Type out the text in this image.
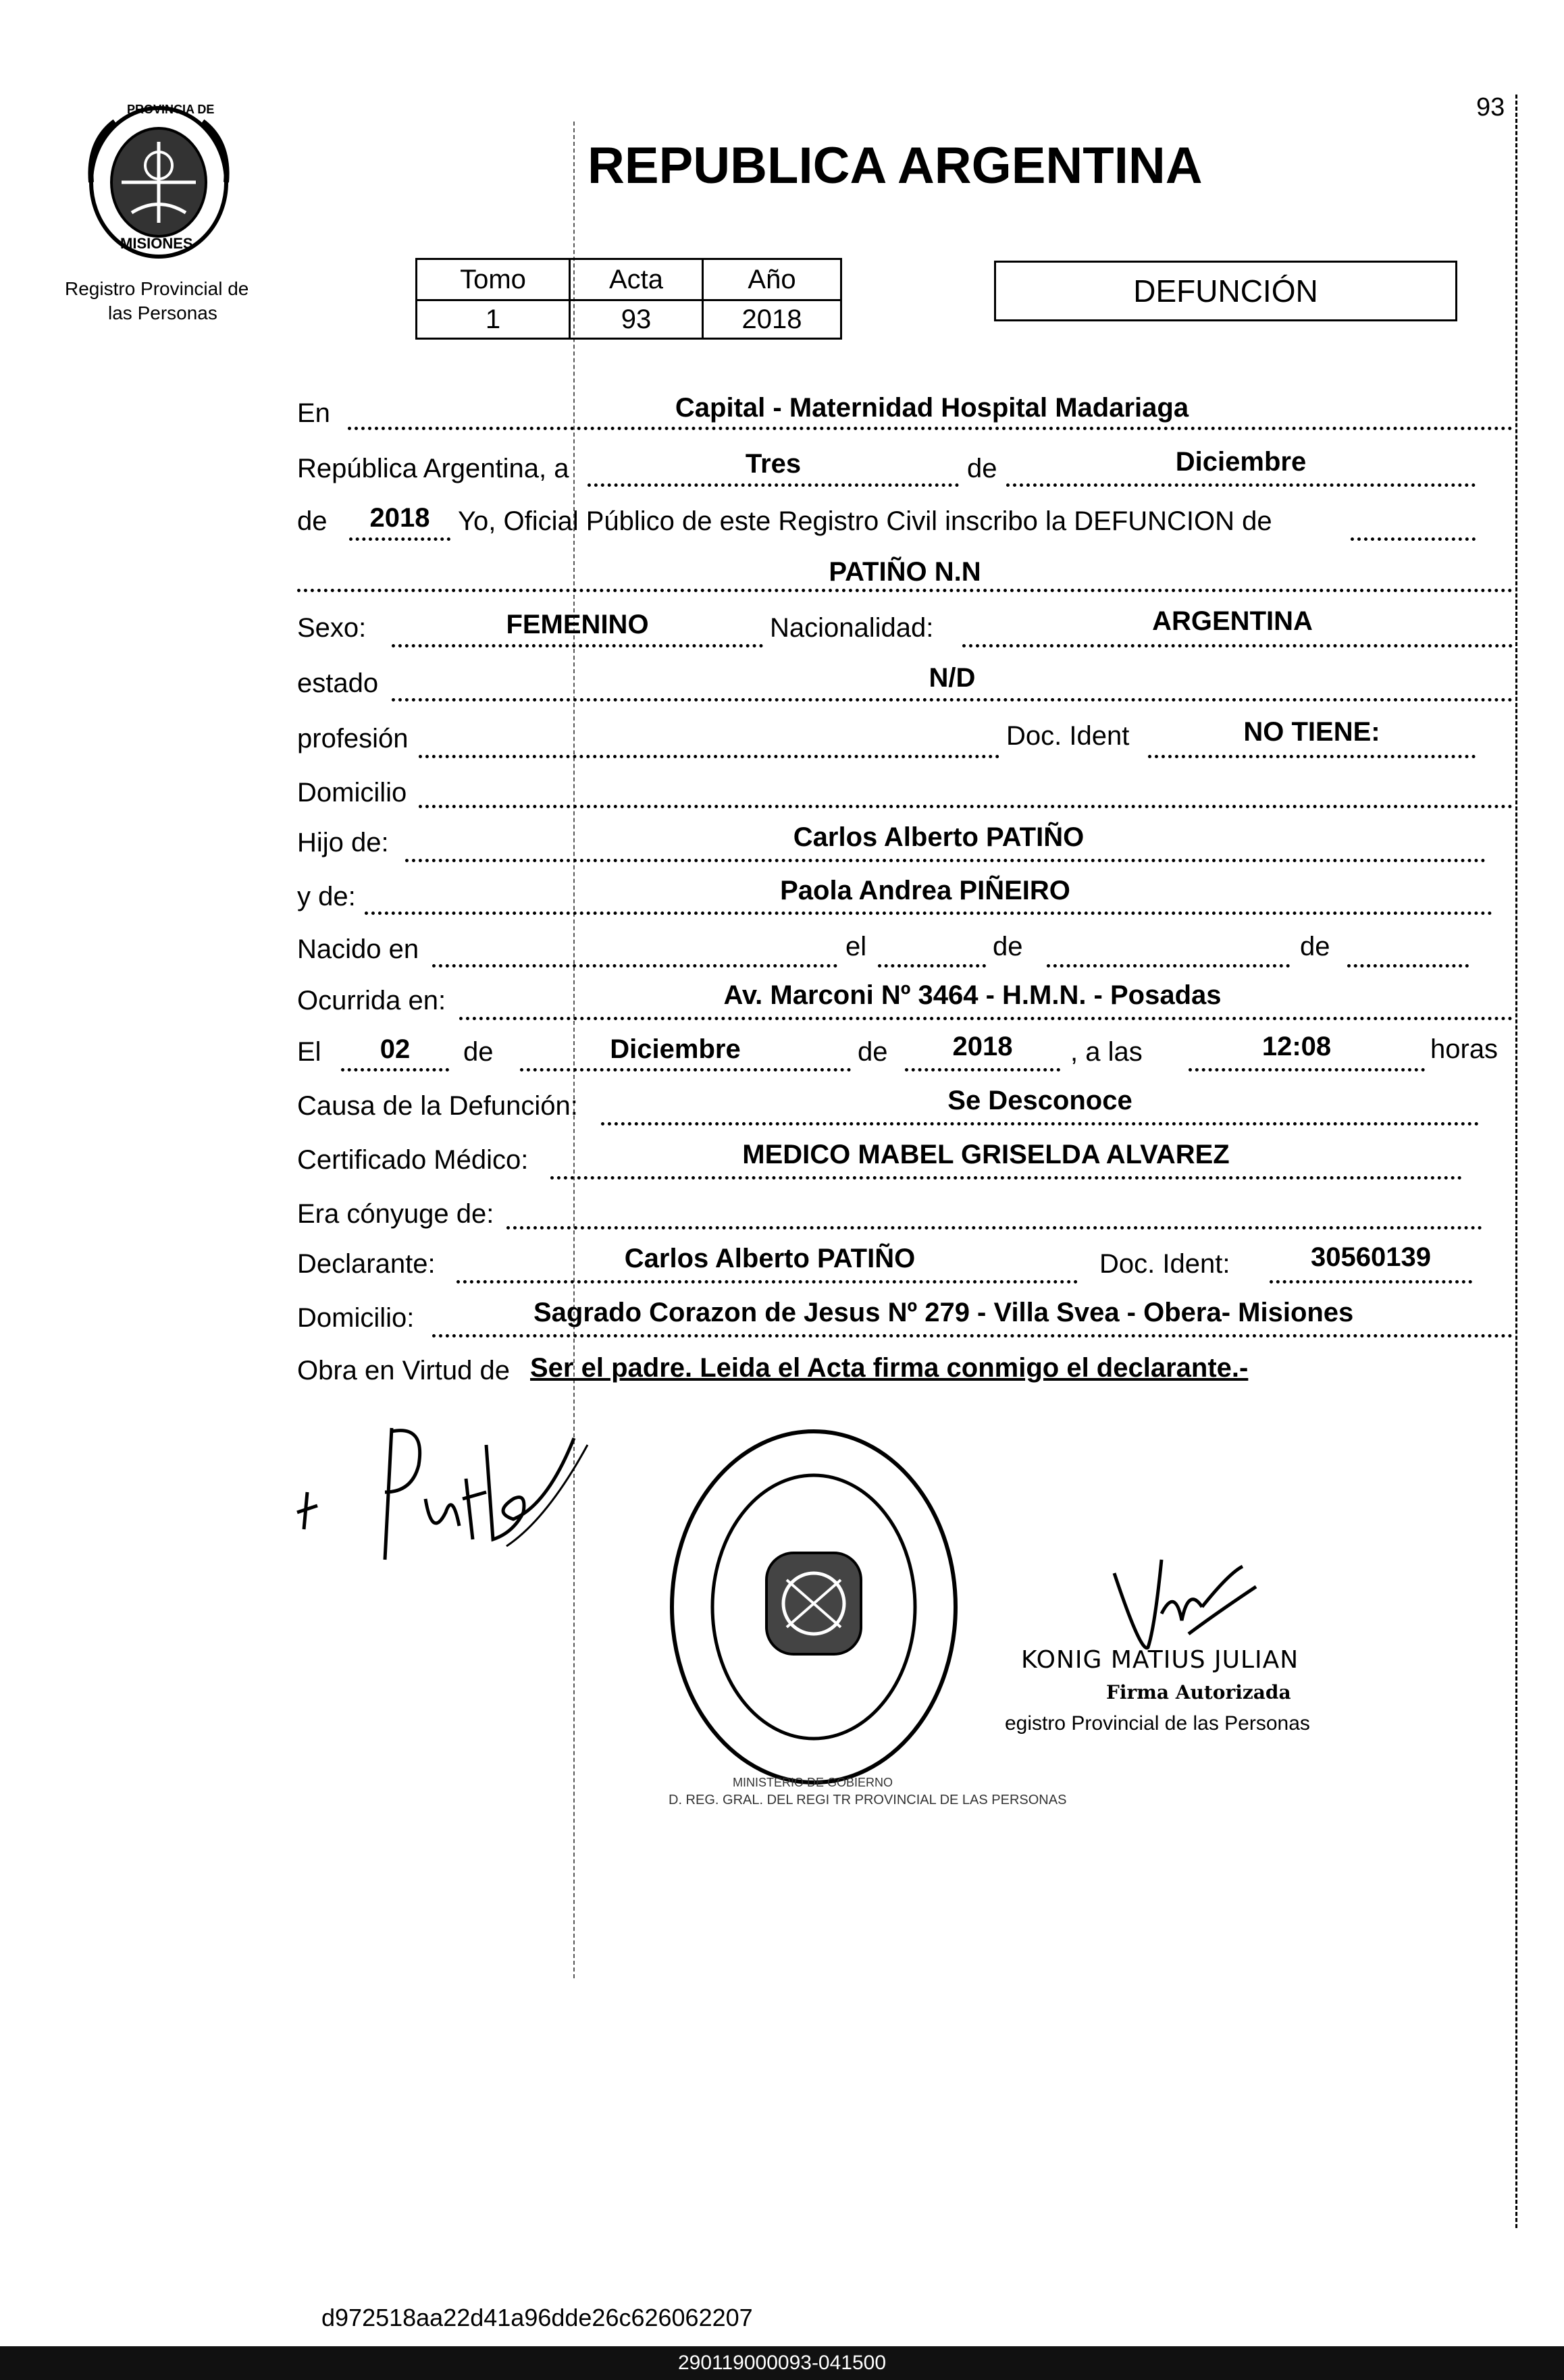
93
PROVINCIA DE
MISIONES
Registro Provincial de
las Personas
REPUBLICA ARGENTINA
Tomo	Acta	Año
1	93	2018
DEFUNCIÓN
En	Capital - Maternidad Hospital Madariaga
República Argentina, a	Tres	de	Diciembre
de	2018	Yo, Oficial Público de este Registro Civil inscribo la DEFUNCION de
PATIÑO N.N
Sexo:	FEMENINO	Nacionalidad:	ARGENTINA
estado	N/D
profesión	Doc. Ident	NO TIENE:
Domicilio
Hijo de:	Carlos Alberto PATIÑO
y de:	Paola Andrea PIÑEIRO
Nacido en	el	de	de
Ocurrida en:	Av. Marconi Nº 3464 - H.M.N. - Posadas
El	02	de	Diciembre	de	2018	, a las	12:08	horas
Causa de la Defunción:	Se Desconoce
Certificado Médico:	MEDICO MABEL GRISELDA ALVAREZ
Era cónyuge de:
Declarante:	Carlos Alberto PATIÑO	Doc. Ident:	30560139
Domicilio:	Sagrado Corazon de Jesus Nº 279 - Villa Svea - Obera- Misiones
Obra en Virtud de Ser el padre. Leida el Acta firma conmigo el declarante.-
D. REG. GRAL. DEL REGI TR PROVINCIAL DE LAS PERSONAS
MINISTERIO DE GOBIERNO
KONIG MATIUS JULIAN
Firma Autorizada
egistro Provincial de las Personas
d972518aa22d41a96dde26c626062207
290119000093-041500
